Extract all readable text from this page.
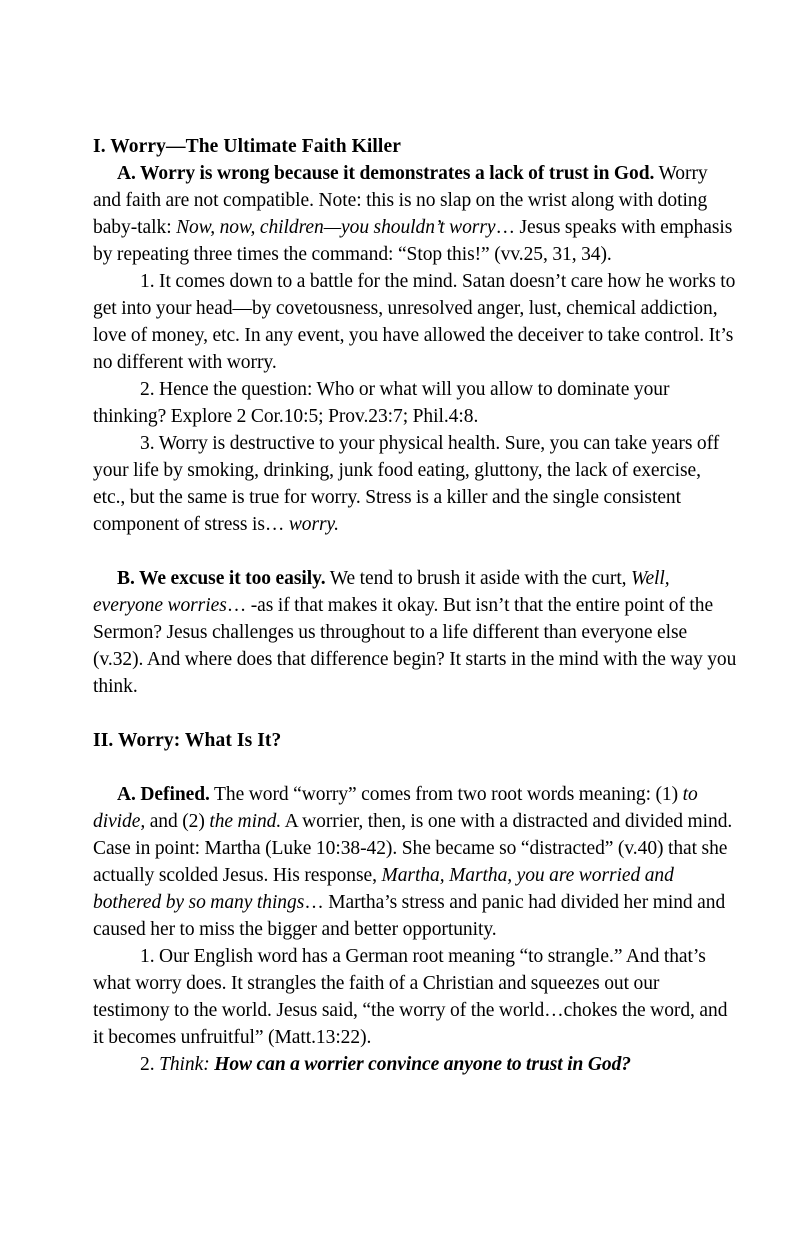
I. Worry—The Ultimate Faith Killer

A. Worry is wrong because it demonstrates a lack of trust in God. Worry and faith are not compatible. Note: this is no slap on the wrist along with doting baby-talk: Now, now, children—you shouldn’t worry… Jesus speaks with emphasis by repeating three times the command: “Stop this!” (vv.25, 31, 34).

1. It comes down to a battle for the mind. Satan doesn’t care how he works to get into your head—by covetousness, unresolved anger, lust, chemical addiction, love of money, etc. In any event, you have allowed the deceiver to take control. It’s no different with worry.

2. Hence the question: Who or what will you allow to dominate your thinking? Explore 2 Cor.10:5; Prov.23:7; Phil.4:8.

3. Worry is destructive to your physical health. Sure, you can take years off your life by smoking, drinking, junk food eating, gluttony, the lack of exercise, etc., but the same is true for worry. Stress is a killer and the single consistent component of stress is… worry.

B. We excuse it too easily. We tend to brush it aside with the curt, Well, everyone worries… -as if that makes it okay. But isn’t that the entire point of the Sermon? Jesus challenges us throughout to a life different than everyone else (v.32). And where does that difference begin? It starts in the mind with the way you think.

II. Worry: What Is It?

A. Defined. The word “worry” comes from two root words meaning: (1) to divide, and (2) the mind. A worrier, then, is one with a distracted and divided mind. Case in point: Martha (Luke 10:38-42). She became so “distracted” (v.40) that she actually scolded Jesus. His response, Martha, Martha, you are worried and bothered by so many things… Martha’s stress and panic had divided her mind and caused her to miss the bigger and better opportunity.

1. Our English word has a German root meaning “to strangle.” And that’s what worry does. It strangles the faith of a Christian and squeezes out our testimony to the world. Jesus said, “the worry of the world…chokes the word, and it becomes unfruitful” (Matt.13:22).

2. Think: How can a worrier convince anyone to trust in God?
